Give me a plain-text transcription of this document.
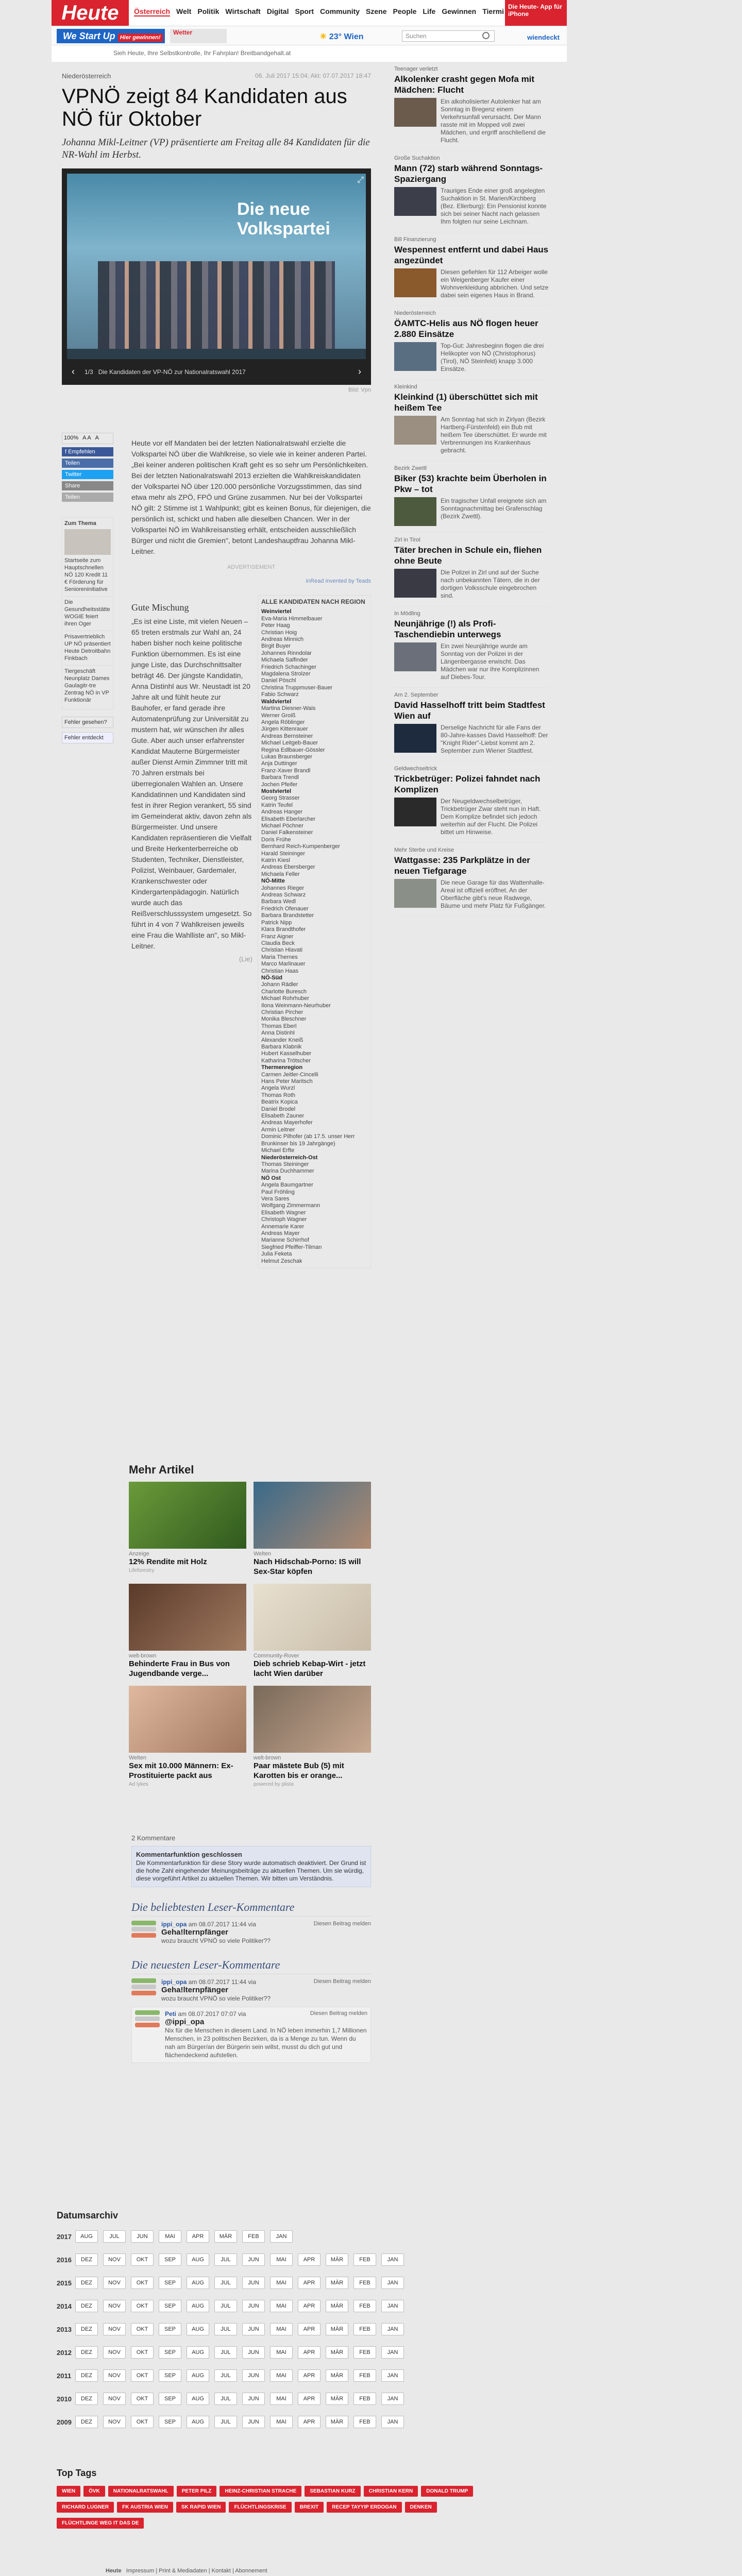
Heute	Österreich Welt Politik Wirtschaft Digital Sport Community Szene People Life Gewinnen Tiermi
Die Heute- App für iPhone
We Start Up Hier gewinnen!
Wetter	☀ 23° Wien	Suchen	wiendeckt
Sieh Heute, Ihre Selbstkontrolle, Ihr Fahrplan! Breitbandgehalt.at
Niederösterreich	06. Juli 2017 15:04; Akt: 07.07.2017 18:47
VPNÖ zeigt 84 Kandidaten aus NÖ für Oktober
Johanna Mikl-Leitner (VP) präsentierte am Freitag alle 84 Kandidaten für die NR-Wahl im Herbst.
Die neue Volkspartei
⤢
‹	1/3 Die Kandidaten der VP-NÖ zur Nationalratswahl 2017	›
Bild: Vpn
100% A A A
f Empfehlen
Teilen
Twitter
Share
Teilen
Zum Thema
Startseite zum Hauptschnellen NÖ 120 Kredit 11 € Förderung für Senioreninitiative
Die Gesundheitsstätte WOGIE feiert ihren Oger
Prisavertrieblich UP NÖ präsentiert Heute Detroitbahn Finkbach
Tiergeschäft Neunplatz Dames Gaulagitr-tre Zentrag NÖ in VP Funktionär
Fehler gesehen?
Fehler entdeckt

Heute vor elf Mandaten bei der letzten Nationalratswahl erzielte die Volkspartei NÖ über die Wahlkreise, so viele wie in keiner anderen Partei. „Bei keiner anderen politischen Kraft geht es so sehr um Persönlichkeiten. Bei der letzten Nationalratswahl 2013 erzielten die Wahlkreiskandidaten der Volkspartei NÖ über 120.000 persönliche Vorzugsstimmen, das sind etwa mehr als ZPÖ, FPÖ und Grüne zusammen. Nur bei der Volkspartei NÖ gilt: 2 Stimme ist 1 Wahlpunkt; gibt es keinen Bonus, für diejenigen, die persönlich ist, schickt und haben alle dieselben Chancen. Wer in der Volkspartei NÖ im Wahlkreisanstieg erhält, entscheiden ausschließlich Bürger und nicht die Gremien", betont Landeshauptfrau Johanna Mikl-Leitner.

ADVERTISEMENT
inRead invented by Teads
Gute Mischung

„Es ist eine Liste, mit vielen Neuen – 65 treten erstmals zur Wahl an, 24 haben bisher noch keine politische Funktion übernommen. Es ist eine junge Liste, das Durchschnittsalter beträgt 46. Der jüngste Kandidatin, Anna Distinhl aus Wr. Neustadt ist 20 Jahre alt und fühlt heute zur Bauhofer, er fand gerade ihre Automatenprüfung zur Universität zu mustern hat, wir wünschen ihr alles Gute. Aber auch unser erfahrenster Kandidat Mauterne Bürgermeister außer Dienst Armin Zimmner tritt mit 70 Jahren erstmals bei überregionalen Wahlen an. Unsere Kandidatinnen und Kandidaten sind fest in ihrer Region verankert, 55 sind im Gemeinderat aktiv, davon zehn als Bürgermeister. Und unsere Kandidaten repräsentieren die Vielfalt und Breite Herkenterberreiche ob Studenten, Techniker, Dienstleister, Polizist, Weinbauer, Gardemaler, Krankenschwester oder Kindergartenpädagogin. Natürlich wurde auch das Reißverschlusssystem umgesetzt. So führt in 4 von 7 Wahlkreisen jeweils eine Frau die Wahlliste an", so Mikl-Leitner.

(Lie)
ALLE KANDIDATEN NACH REGION
Weinviertel
Eva-Maria Himmelbauer
Peter Haag
Christian Hoig
Andreas Minnich
Birgit Buyer
Johannes Rinndolar
Michaela Salfinder
Friedrich Schachinger
Magdalena Strolzer
Daniel Pöschl
Christina Truppmuser-Bauer
Fabio Schwarz
Waldviertel
Martina Diesner-Wais
Werner Groiß
Angela Röblinger
Jürgen Kittenrauer
Andreas Bernsteiner
Michael Leitgeb-Bauer
Regina Edlbauer-Gössler
Lukas Braunsberger
Anja Duttinger
Franz-Xaver Brandl
Barbara Trendl
Jochen Pfeifer
Mostviertel
Georg Strasser
Katrin Teufel
Andreas Hanger
Elisabeth Eberlarcher
Michael Pöchner
Daniel Falkensteiner
Doris Frühe
Bernhard Reich-Kumpenberger
Harald Steininger
Katrin Kiesl
Andreas Ebersberger
Michaela Feller
NÖ-Mitte
Johannes Rieger
Andreas Schwarz
Barbara Wedl
Friedrich Ofenauer
Barbara Brandstetter
Patrick Nipp
Klara Brandthofer
Franz Aigner
Claudia Beck
Christian Hlavati
Maria Thernes
Marco Marlinauer
Christian Haas
NÖ-Süd
Johann Rädler
Charlotte Buresch
Michael Rohrhuber
Ilona Weinmann-Neurhuber
Christian Pircher
Monika Bleschner
Thomas Eberl
Anna Distinhl
Alexander Kneiß
Barbara Klabnik
Hubert Kasselhuber
Katharina Trötscher
Thermenregion
Carmen Jeitler-Cincelli
Hans Peter Maritsch
Angela Wurzl
Thomas Roth
Beatrix Kopica
Daniel Brodel
Elisabeth Zauner
Andreas Mayerhofer
Armin Leitner
Dominic Pilhofer (ab 17.5. unser Herr Brunkinser bis 19 Jahrgänge)
Michael Erfte
Niederösterreich-Ost
Thomas Steininger
Marina Duchhammer
NÖ Ost
Angela Baumgartner
Paul Fröhling
Vera Sares
Wolfgang Zimmermann
Elisabeth Wagner
Christoph Wagner
Annemarie Karer
Andreas Mayer
Marianne Schirrhof
Siegfried Pfeiffer-Tilman
Julia Feketa
Helmut Zeschak
Teenager verletzt
Alkolenker crasht gegen Mofa mit Mädchen: Flucht
Ein alkoholisierter Autolenker hat am Sonntag in Bregenz einem Verkehrsunfall verursacht. Der Mann rasste mit im Mopped voll zwei Mädchen, und ergriff anschließend die Flucht.
Große Suchaktion
Mann (72) starb während Sonntags-Spaziergang
Trauriges Ende einer groß angelegten Suchaktion in St. Marien/Kirchberg (Bez. Ellerburg): Ein Pensionist konnte sich bei seiner Nacht nach gelassen Ihm folgten nur seine Leichnam.
Bill Finanzierung
Wespennest entfernt und dabei Haus angezündet
Diesen gefiehlen für 112 Arbeiger wolle ein Weigenberger Kaufer einer Wohnverkleidung abbrichen. Und setze dabei sein eigenes Haus in Brand.
Niederösterreich
ÖAMTC-Helis aus NÖ flogen heuer 2.880 Einsätze
Top-Gut: Jahresbeginn flogen die drei Helikopter von NÖ (Christophorus) (Tirol), NÖ Steinfeld) knapp 3.000 Einsätze.
Kleinkind
Kleinkind (1) überschüttet sich mit heißem Tee
Am Sonntag hat sich in Zirlyan (Bezirk Hartberg-Fürstenfeld) ein Bub mit heißem Tee überschüttet. Er wurde mit Verbrennungen ins Krankenhaus gebracht.
Bezirk Zwettl
Biker (53) krachte beim Überholen in Pkw – tot
Ein tragischer Unfall ereignete sich am Sonntagnachmittag bei Grafenschlag (Bezirk Zwettl).
Zirl in Tirol
Täter brechen in Schule ein, fliehen ohne Beute
Die Polizei in Zirl und auf der Suche nach unbekannten Tätern, die in der dortigen Volksschule eingebrochen sind.
In Mödling
Neunjährige (!) als Profi-Taschendiebin unterwegs
Ein zwei Neunjährige wurde am Sonntag von der Polizei in der Längenbergasse erwischt. Das Mädchen war nur ihre Komplizinnen auf Diebes-Tour.
Am 2. September
David Hasselhoff tritt beim Stadtfest Wien auf
Derselige Nachricht für alle Fans der 80-Jahre-kasses David Hasselhoff: Der "Knight Rider"-Liebst kommt am 2. September zum Wiener Stadtfest.
Geldwechseltrick
Trickbetrüger: Polizei fahndet nach Komplizen
Der Neugeldwechselbetrüger, Trickbetrüger Zwar steht nun in Haft. Dem Komplize befindet sich jedoch weiterhin auf der Flucht. Die Polizei bittet um Hinweise.
Mehr Sterbe und Kreise
Wattgasse: 235 Parkplätze in der neuen Tiefgarage
Die neue Garage für das Wattenhalle-Areal ist offiziell eröffnet. An der Oberfläche gibt's neue Radwege, Bäume und mehr Platz für Fußgänger.
Mehr Artikel
Anzeige
12% Rendite mit Holz
Lifeforestry
Welten
Nach Hidschab-Porno: IS will Sex-Star köpfen
welt-brown
Behinderte Frau in Bus von Jugendbande verge...
Community-Rover
Dieb schrieb Kebap-Wirt - jetzt lacht Wien darüber
Welten
Sex mit 10.000 Männern: Ex-Prostituierte packt aus
Ad lykes
welt-brown
Paar mästete Bub (5) mit Karotten bis er orange...
powered by plista
2 Kommentare
Kommentarfunktion geschlossen
Die Kommentarfunktion für diese Story wurde automatisch deaktiviert. Der Grund ist die hohe Zahl eingehender Meinungsbeiträge zu aktuellen Themen. Um sie würdig, diese vorgeführt Artikel zu aktuellen Themen. Wir bitten um Verständnis.
Die beliebtesten Leser-Kommentare
ippi_opa am 08.07.2017 11:44 via	Diesen Beitrag melden
Geha!lternpfänger
wozu braucht VPNÖ so viele Politiker??
Die neuesten Leser-Kommentare
ippi_opa am 08.07.2017 11:44 via	Diesen Beitrag melden
Geha!lternpfänger
wozu braucht VPNÖ so viele Politiker??
Peti am 08.07.2017 07:07 via	Diesen Beitrag melden
@ippi_opa
Nix für die Menschen in diesem Land. In NÖ leben immerhin 1,7 Millionen Menschen, in 23 politischen Bezirken, da is a Menge zu tun. Wenn du nah am Bürger/an der Bürgerin sein willst, musst du dich gut und flächendeckend aufstellen.
Datumsarchiv
2017	AUG	JUL	JUN	MAI	APR	MÄR	FEB	JAN
2016	DEZ	NOV	OKT	SEP	AUG	JUL	JUN	MAI	APR	MÄR	FEB	JAN
2015	DEZ	NOV	OKT	SEP	AUG	JUL	JUN	MAI	APR	MÄR	FEB	JAN
2014	DEZ	NOV	OKT	SEP	AUG	JUL	JUN	MAI	APR	MÄR	FEB	JAN
2013	DEZ	NOV	OKT	SEP	AUG	JUL	JUN	MAI	APR	MÄR	FEB	JAN
2012	DEZ	NOV	OKT	SEP	AUG	JUL	JUN	MAI	APR	MÄR	FEB	JAN
2011	DEZ	NOV	OKT	SEP	AUG	JUL	JUN	MAI	APR	MÄR	FEB	JAN
2010	DEZ	NOV	OKT	SEP	AUG	JUL	JUN	MAI	APR	MÄR	FEB	JAN
2009	DEZ	NOV	OKT	SEP	AUG	JUL	JUN	MAI	APR	MÄR	FEB	JAN
Top Tags
WIEN	ÖVK	NATIONALRATSWAHL	PETER PILZ	HEINZ-CHRISTIAN STRACHE	SEBASTIAN KURZ	CHRISTIAN KERN	DONALD TRUMPRICHARD LUGNER	FK AUSTRIA WIEN	SK RAPID WIEN	FLÜCHTLINGSKRISE	BREXIT	RECEP TAYYIP ERDOGAN	DENKENFLÜCHTLINGE WEG IT DAS DE
Heute Impressum | Print & Mediadaten | Kontakt | Abonnement
